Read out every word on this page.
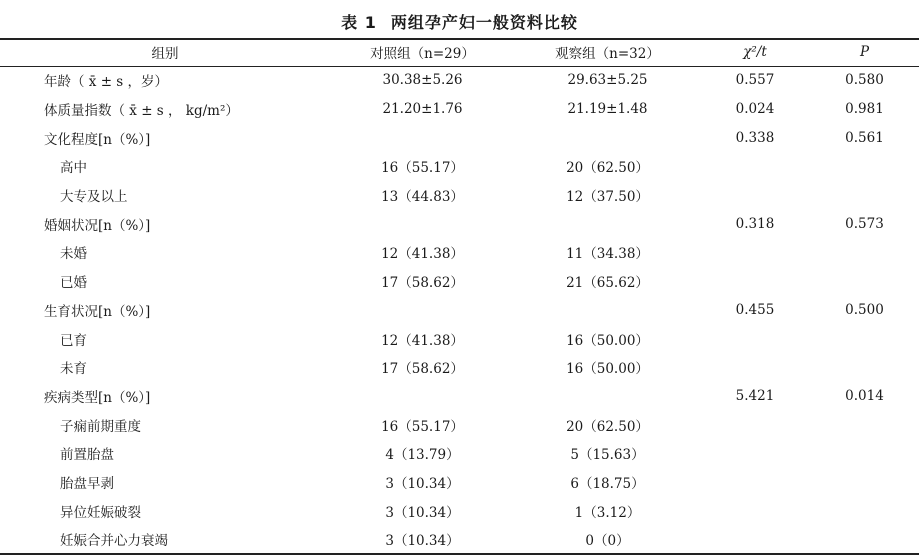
表 1 两组孕产妇一般资料比较
组别	对照组（n=29）	观察组（n=32）	χ²/t	P
年龄（ x̄ ± s ，岁）	30.38±5.26	29.63±5.25	0.557	0.580
体质量指数（ x̄ ± s ， kg/m²）	21.20±1.76	21.19±1.48	0.024	0.981
文化程度[n（%）]			0.338	0.561
高中	16（55.17）	20（62.50）		
大专及以上	13（44.83）	12（37.50）		
婚姻状况[n（%）]			0.318	0.573
未婚	12（41.38）	11（34.38）		
已婚	17（58.62）	21（65.62）		
生育状况[n（%）]			0.455	0.500
已育	12（41.38）	16（50.00）		
未育	17（58.62）	16（50.00）		
疾病类型[n（%）]			5.421	0.014
子痫前期重度	16（55.17）	20（62.50）		
前置胎盘	4（13.79）	5（15.63）		
胎盘早剥	3（10.34）	6（18.75）		
异位妊娠破裂	3（10.34）	1（3.12）		
妊娠合并心力衰竭	3（10.34）	0（0）		
